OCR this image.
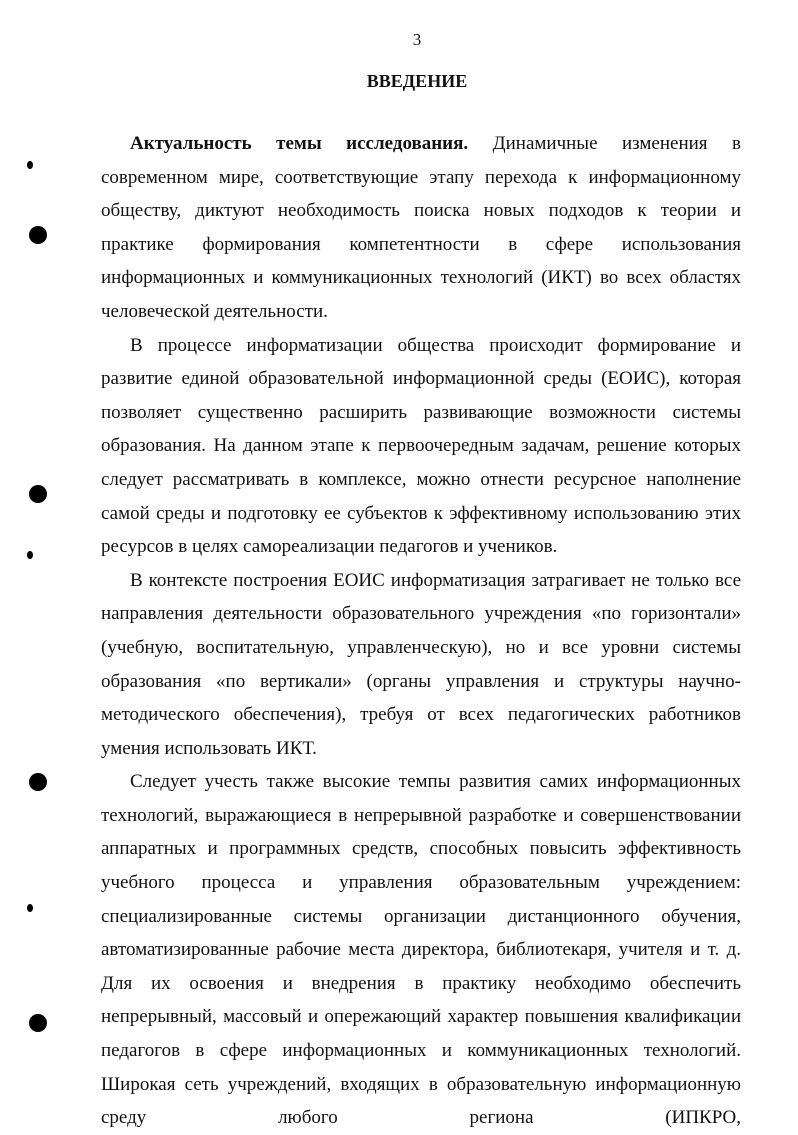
3
ВВЕДЕНИЕ

Актуальность темы исследования. Динамичные изменения в современном мире, соответствующие этапу перехода к информационному обществу, диктуют необходимость поиска новых подходов к теории и практике формирования компетентности в сфере использования информационных и коммуникационных технологий (ИКТ) во всех областях человеческой деятельности.

В процессе информатизации общества происходит формирование и развитие единой образовательной информационной среды (ЕОИС), которая позволяет существенно расширить развивающие возможности системы образования. На данном этапе к первоочередным задачам, решение которых следует рассматривать в комплексе, можно отнести ресурсное наполнение самой среды и подготовку ее субъектов к эффективному использованию этих ресурсов в целях самореализации педагогов и учеников.

В контексте построения ЕОИС информатизация затрагивает не только все направления деятельности образовательного учреждения «по горизонтали» (учебную, воспитательную, управленческую), но и все уровни системы образования «по вертикали» (органы управления и структуры научно-методического обеспечения), требуя от всех педагогических работников умения использовать ИКТ.

Следует учесть также высокие темпы развития самих информационных технологий, выражающиеся в непрерывной разработке и совершенствовании аппаратных и программных средств, способных повысить эффективность учебного процесса и управления образовательным учреждением: специализированные системы организации дистанционного обучения, автоматизированные рабочие места директора, библиотекаря, учителя и т. д. Для их освоения и внедрения в практику необходимо обеспечить непрерывный, массовый и опережающий характер повышения квалификации педагогов в сфере информационных и коммуникационных технологий. Широкая сеть учреждений, входящих в образовательную информационную среду любого региона (ИПКРО,
